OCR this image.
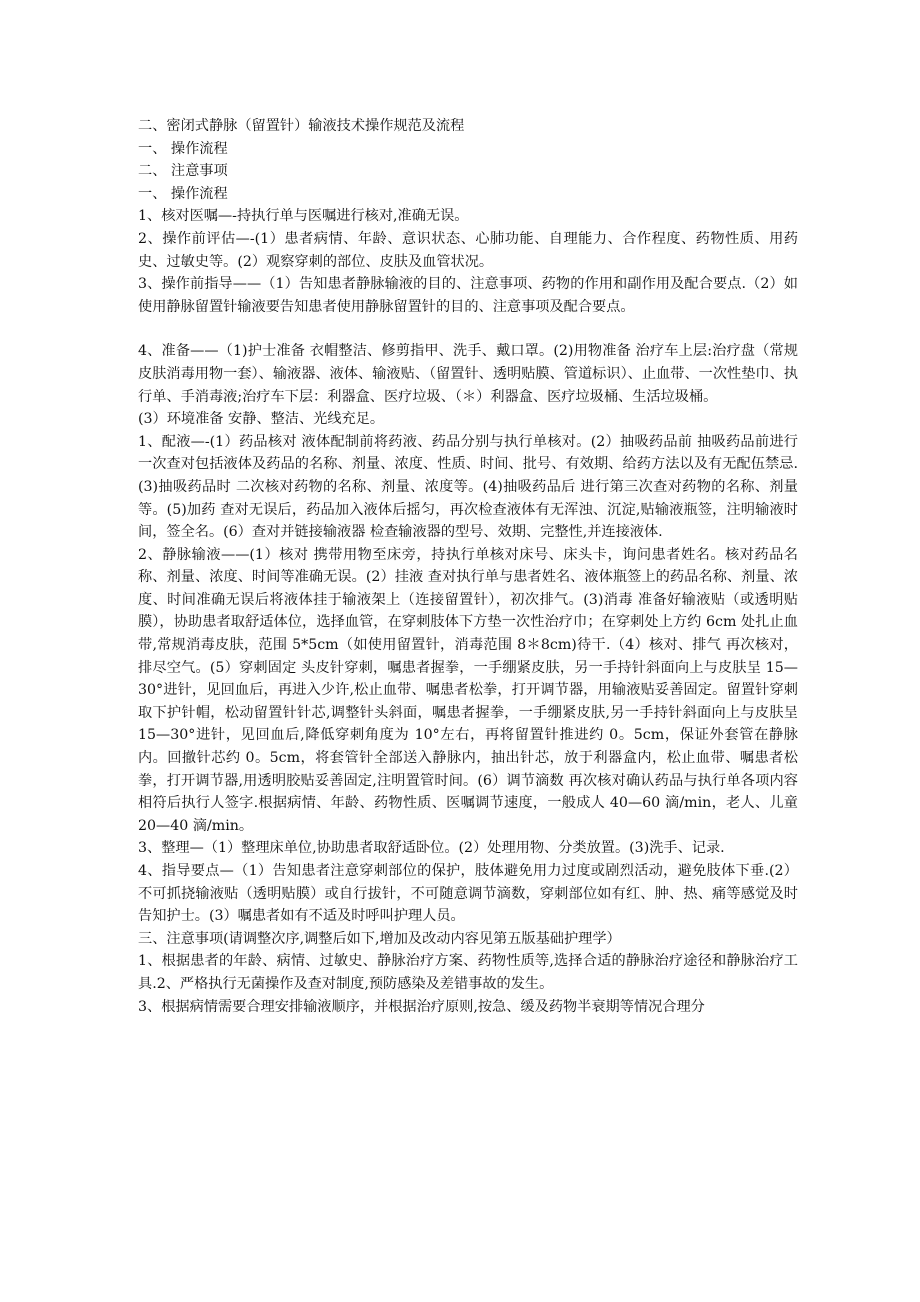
二、密闭式静脉（留置针）输液技术操作规范及流程

一、 操作流程

二、 注意事项

一、 操作流程

1、核对医嘱—-持执行单与医嘱进行核对,准确无误。

2、操作前评估—-(1）患者病情、年龄、意识状态、心肺功能、自理能力、合作程度、药物性质、用药史、过敏史等。(2）观察穿刺的部位、皮肤及血管状况。

3、操作前指导——（1）告知患者静脉输液的目的、注意事项、药物的作用和副作用及配合要点.（2）如使用静脉留置针输液要告知患者使用静脉留置针的目的、注意事项及配合要点。

4、准备——（1)护士准备 衣帽整洁、修剪指甲、洗手、戴口罩。(2)用物准备 治疗车上层:治疗盘（常规皮肤消毒用物一套）、输液器、液体、输液贴、（留置针、透明贴膜、管道标识）、止血带、一次性垫巾、执行单、手消毒液;治疗车下层：利器盒、医疗垃圾、（＊）利器盒、医疗垃圾桶、生活垃圾桶。

(3）环境准备 安静、整洁、光线充足。

1、配液—-(1）药品核对 液体配制前将药液、药品分别与执行单核对。(2）抽吸药品前 抽吸药品前进行一次查对包括液体及药品的名称、剂量、浓度、性质、时间、批号、有效期、给药方法以及有无配伍禁忌.(3)抽吸药品时 二次核对药物的名称、剂量、浓度等。(4)抽吸药品后 进行第三次查对药物的名称、剂量等。(5)加药 查对无误后，药品加入液体后摇匀，再次检查液体有无浑浊、沉淀,贴输液瓶签，注明输液时间，签全名。(6）查对并链接输液器 检查输液器的型号、效期、完整性,并连接液体.

2、静脉输液——(1）核对 携带用物至床旁，持执行单核对床号、床头卡，询问患者姓名。核对药品名称、剂量、浓度、时间等准确无误。(2）挂液 查对执行单与患者姓名、液体瓶签上的药品名称、剂量、浓度、时间准确无误后将液体挂于输液架上（连接留置针），初次排气。(3)消毒 准备好输液贴（或透明贴膜），协助患者取舒适体位，选择血管，在穿刺肢体下方垫一次性治疗巾；在穿刺处上方约 6cm 处扎止血带,常规消毒皮肤，范围 5*5cm（如使用留置针，消毒范围 8＊8cm)待干.（4）核对、排气 再次核对，排尽空气。(5）穿刺固定 头皮针穿刺，嘱患者握拳，一手绷紧皮肤，另一手持针斜面向上与皮肤呈 15—30°进针，见回血后，再进入少许,松止血带、嘱患者松拳，打开调节器，用输液贴妥善固定。留置针穿刺 取下护针帽，松动留置针针芯,调整针头斜面，嘱患者握拳，一手绷紧皮肤,另一手持针斜面向上与皮肤呈 15—30°进针，见回血后,降低穿刺角度为 10°左右，再将留置针推进约 0。5cm，保证外套管在静脉内。回撤针芯约 0。5cm，将套管针全部送入静脉内，抽出针芯，放于利器盒内，松止血带、嘱患者松拳，打开调节器,用透明胶贴妥善固定,注明置管时间。(6）调节滴数 再次核对确认药品与执行单各项内容相符后执行人签字.根据病情、年龄、药物性质、医嘱调节速度，一般成人 40—60 滴/min，老人、儿童 20—40 滴/min。

3、整理—（1）整理床单位,协助患者取舒适卧位。(2）处理用物、分类放置。(3)洗手、记录.

4、指导要点—（1）告知患者注意穿刺部位的保护，肢体避免用力过度或剧烈活动，避免肢体下垂.(2）不可抓挠输液贴（透明贴膜）或自行拔针，不可随意调节滴数，穿刺部位如有红、肿、热、痛等感觉及时告知护士。(3）嘱患者如有不适及时呼叫护理人员。

三、注意事项(请调整次序,调整后如下,增加及改动内容见第五版基础护理学）

1、根据患者的年龄、病情、过敏史、静脉治疗方案、药物性质等,选择合适的静脉治疗途径和静脉治疗工具.2、严格执行无菌操作及查对制度,预防感染及差错事故的发生。

3、根据病情需要合理安排输液顺序，并根据治疗原则,按急、缓及药物半衰期等情况合理分
